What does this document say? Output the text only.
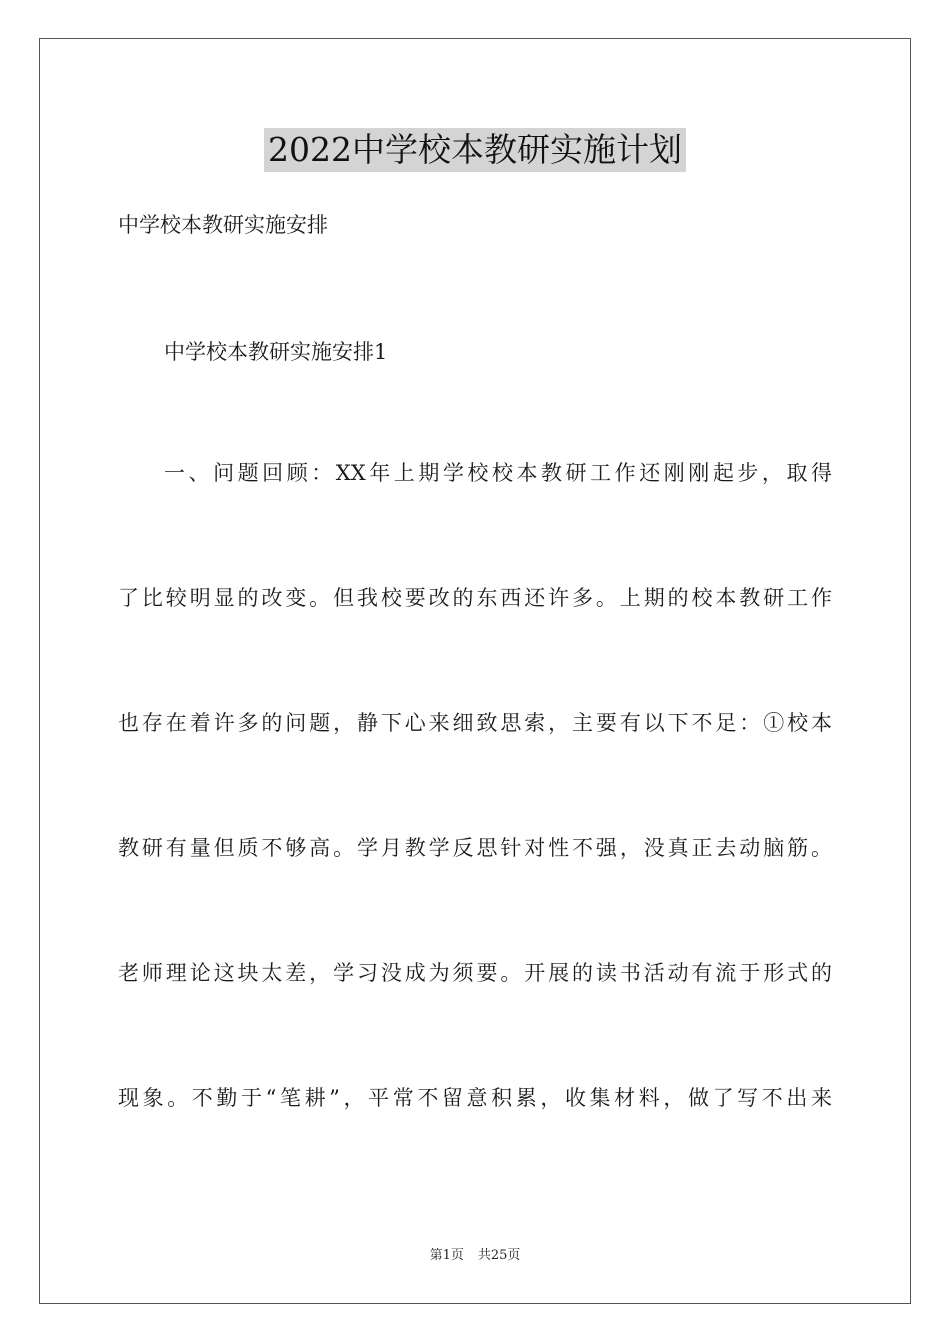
2022中学校本教研实施计划
中学校本教研实施安排
中学校本教研实施安排1
一、问题回顾：XX年上期学校校本教研工作还刚刚起步，取得
了比较明显的改变。但我校要改的东西还许多。上期的校本教研工作
也存在着许多的问题，静下心来细致思索，主要有以下不足：①校本
教研有量但质不够高。学月教学反思针对性不强，没真正去动脑筋。
老师理论这块太差，学习没成为须要。开展的读书活动有流于形式的
现象。不勤于“笔耕”，平常不留意积累，收集材料，做了写不出来
第1页 共25页
